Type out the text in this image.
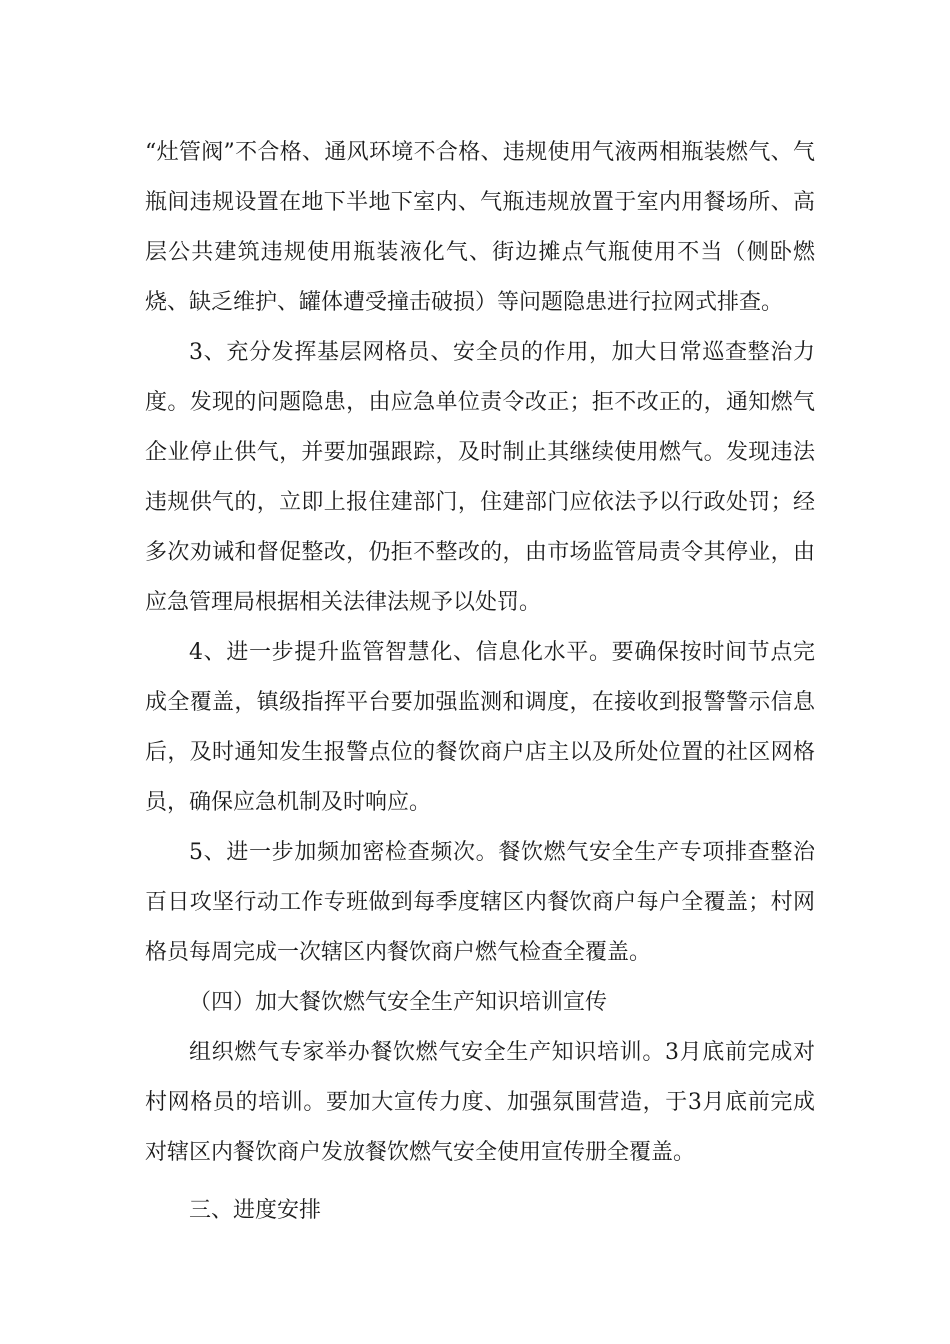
“灶管阀”不合格、通风环境不合格、违规使用气液两相瓶装燃气、气瓶间违规设置在地下半地下室内、气瓶违规放置于室内用餐场所、高层公共建筑违规使用瓶装液化气、街边摊点气瓶使用不当（侧卧燃烧、缺乏维护、罐体遭受撞击破损）等问题隐患进行拉网式排查。

3、充分发挥基层网格员、安全员的作用，加大日常巡查整治力度。发现的问题隐患，由应急单位责令改正；拒不改正的，通知燃气企业停止供气，并要加强跟踪，及时制止其继续使用燃气。发现违法违规供气的，立即上报住建部门，住建部门应依法予以行政处罚；经多次劝诫和督促整改，仍拒不整改的，由市场监管局责令其停业，由应急管理局根据相关法律法规予以处罚。

4、进一步提升监管智慧化、信息化水平。要确保按时间节点完成全覆盖，镇级指挥平台要加强监测和调度，在接收到报警警示信息后，及时通知发生报警点位的餐饮商户店主以及所处位置的社区网格员，确保应急机制及时响应。

5、进一步加频加密检查频次。餐饮燃气安全生产专项排查整治百日攻坚行动工作专班做到每季度辖区内餐饮商户每户全覆盖；村网格员每周完成一次辖区内餐饮商户燃气检查全覆盖。

（四）加大餐饮燃气安全生产知识培训宣传

组织燃气专家举办餐饮燃气安全生产知识培训。3月底前完成对村网格员的培训。要加大宣传力度、加强氛围营造，于3月底前完成对辖区内餐饮商户发放餐饮燃气安全使用宣传册全覆盖。

三、进度安排
